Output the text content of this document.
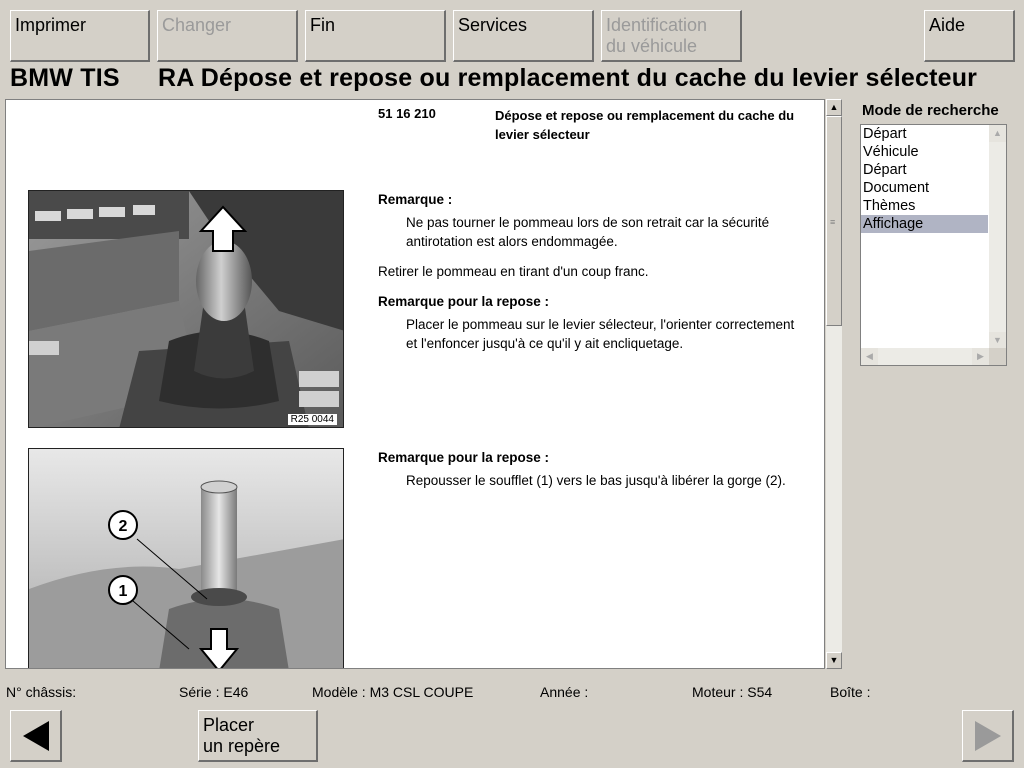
Imprimer	Changer	Fin	Services	Identification
du véhicule
Aide
BMW TIS RA Dépose et repose ou remplacement du cache du levier sélecteur
51 16 210	Dépose et repose ou remplacement du cache du levier sélecteur
R25 0044
2
1
Remarque :
Ne pas tourner le pommeau lors de son retrait car la sécurité antirotation est alors endommagée.
Retirer le pommeau en tirant d'un coup franc.
Remarque pour la repose :
Placer le pommeau sur le levier sélecteur, l'orienter correctement et l'enfoncer jusqu'à ce qu'il y ait encliquetage.
Remarque pour la repose :
Repousser le soufflet (1) vers le bas jusqu'à libérer la gorge (2).
▲
≡
▼
Mode de recherche
Départ
Véhicule
Départ
Document
Thèmes
Affichage
▲
▼
◀	▶
N° châssis:	Série : E46	Modèle : M3 CSL COUPE	Année :	Moteur : S54	Boîte :
Placer
un repère
